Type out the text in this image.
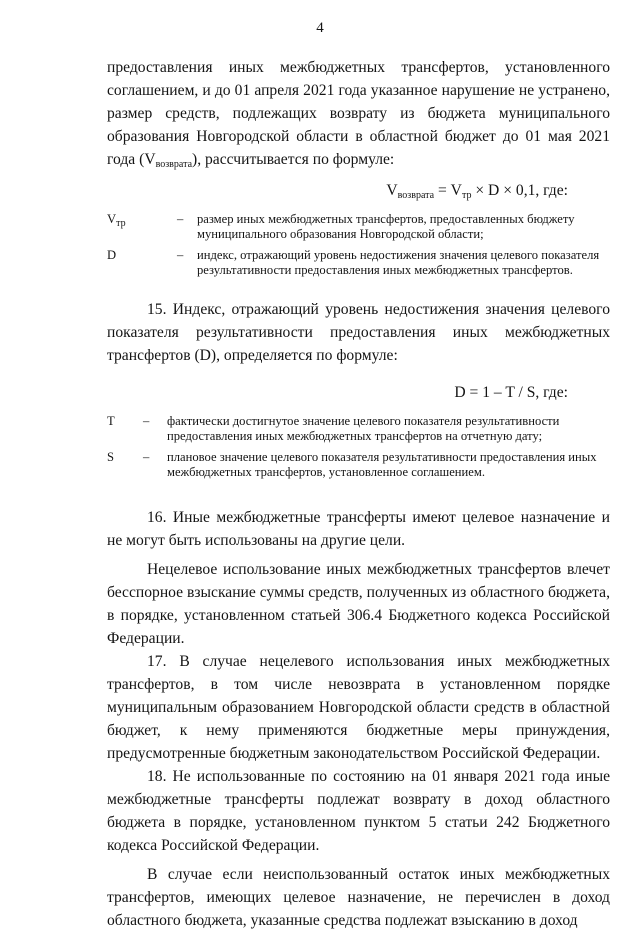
4

предоставления иных межбюджетных трансфертов, установленного соглашением, и до 01 апреля 2021 года указанное нарушение не устранено, размер средств, подлежащих возврату из бюджета муниципального образования Новгородской области в областной бюджет до 01 мая 2021 года $(V_{возврата})$, рассчитывается по формуле:

$V_{возврата} = V_{тр} \times D \times 0,1$, где:
$V_{тр}$	–	размер иных межбюджетных трансфертов, предоставленных бюджету муниципального образования Новгородской области;
D	–	индекс, отражающий уровень недостижения значения целевого показателя результативности предоставления иных межбюджетных трансфертов.

15. Индекс, отражающий уровень недостижения значения целевого показателя результативности предоставления иных межбюджетных трансфертов (D), определяется по формуле:

D = 1 – T / S, где:
T	–	фактически достигнутое значение целевого показателя результативности предоставления иных межбюджетных трансфертов на отчетную дату;
S	–	плановое значение целевого показателя результативности предоставления иных межбюджетных трансфертов, установленное соглашением.

16. Иные межбюджетные трансферты имеют целевое назначение и не могут быть использованы на другие цели.

Нецелевое использование иных межбюджетных трансфертов влечет бесспорное взыскание суммы средств, полученных из областного бюджета, в порядке, установленном статьей 306.4 Бюджетного кодекса Российской Федерации.

17. В случае нецелевого использования иных межбюджетных трансфертов, в том числе невозврата в установленном порядке муниципальным образованием Новгородской области средств в областной бюджет, к нему применяются бюджетные меры принуждения, предусмотренные бюджетным законодательством Российской Федерации.

18. Не использованные по состоянию на 01 января 2021 года иные межбюджетные трансферты подлежат возврату в доход областного бюджета в порядке, установленном пунктом 5 статьи 242 Бюджетного кодекса Российской Федерации.

В случае если неиспользованный остаток иных межбюджетных трансфертов, имеющих целевое назначение, не перечислен в доход областного бюджета, указанные средства подлежат взысканию в доход
